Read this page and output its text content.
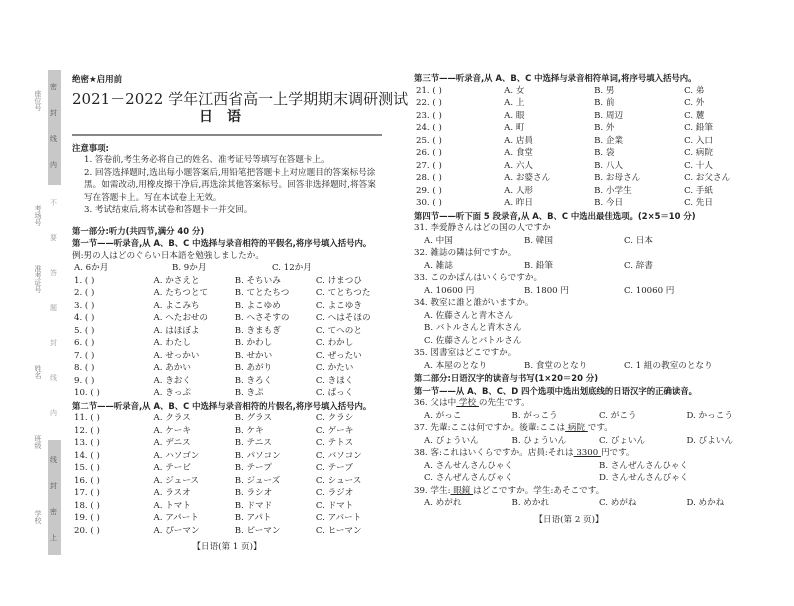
座位号
考场号
准考证号
姓名
班级
学校
密
封
线
内
不
要
答
题
封
线
内
线
封
密
上
绝密★启用前
2021－2022 学年江西省高一上学期期末调研测试
日语
注意事项:
1. 答卷前,考生务必将自己的姓名、准考证号等填写在答题卡上。
2. 回答选择题时,选出每小题答案后,用铅笔把答题卡上对应题目的答案标号涂黑。如需改动,用橡皮擦干净后,再选涂其他答案标号。回答非选择题时,将答案写在答题卡上。写在本试卷上无效。
3. 考试结束后,将本试卷和答题卡一并交回。
第一部分:听力(共四节,满分 40 分)
第一节——听录音,从 A、B、C 中选择与录音相符的平假名,将序号填入括号内。
例:男の人はどのぐらい日本語を勉強しましたか。
A. 6か月	B. 9か月	C. 12か月
1. ( )	A. かさえと	B. そちいみ	C. けまつひ
2. ( )	A. たちつとて	B. てとたちつ	C. てとちつた
3. ( )	A. よこみち	B. よこゆめ	C. よこゆき
4. ( )	A. へたおせの	B. へさそすの	C. へはそほの
5. ( )	A. はほぼよ	B. きまもぎ	C. てへのと
6. ( )	A. わたし	B. かわし	C. わかし
7. ( )	A. せっかい	B. せかい	C. ぜったい
8. ( )	A. あかい	B. あがり	C. かたい
9. ( )	A. きおく	B. きろく	C. きほく
10. ( )	A. きっぷ	B. きぷ	C. ぱっく
第二节——听录音,从 A、B、C 中选择与录音相符的片假名,将序号填入括号内。
11. ( )	A. クラス	B. グラス	C. クラシ
12. ( )	A. ケーキ	B. ケキ	C. ゲーキ
13. ( )	A. デニス	B. テニス	C. テトス
14. ( )	A. ハソゴン	B. パソコン	C. バソコン
15. ( )	A. テービ	B. テープ	C. テーブ
16. ( )	A. ジュース	B. ジューズ	C. シュース
17. ( )	A. ラスオ	B. ラシオ	C. ラジオ
18. ( )	A. トマト	B. ドマド	C. ドマト
19. ( )	A. アパート	B. アパト	C. アバート
20. ( )	A. ぴーマン	B. ピーマン	C. ヒーマン
【日语(第 1 页)】
第三节——听录音,从 A、B、C 中选择与录音相符单词,将序号填入括号内。
21. ( )	A. 女	B. 男	C. 弟
22. ( )	A. 上	B. 前	C. 外
23. ( )	A. 眼	B. 周辺	C. 麓
24. ( )	A. 町	B. 外	C. 鉛筆
25. ( )	A. 店員	B. 企業	C. 入口
26. ( )	A. 食堂	B. 袋	C. 病院
27. ( )	A. 六人	B. 八人	C. 十人
28. ( )	A. お婆さん	B. お母さん	C. お父さん
29. ( )	A. 人形	B. 小学生	C. 手紙
30. ( )	A. 昨日	B. 今日	C. 先日
第四节——听下面 5 段录音,从 A、B、C 中选出最佳选项。(2×5＝10 分)
31. 李爱静さんはどの国の人ですか
A. 中国	B. 韓国	C. 日本
32. 雑誌の隣は何ですか。
A. 雑誌	B. 鉛筆	C. 辞書
33. このかばんはいくらですか。
A. 10600 円	B. 1800 円	C. 10060 円
34. 教室に誰と誰がいますか。
A. 佐藤さんと青木さん
B. バトルさんと青木さん
C. 佐藤さんとバトルさん
35. 図書室はどこですか。
A. 本屋のとなり	B. 食堂のとなり	C. 1 組の教室のとなり
第二部分:日语汉字的读音与书写(1×20＝20 分)
第一节——从 A、B、C、D 四个选项中选出划底线的日语汉字的正确读音。
36. 父は中 学校 の先生です。
A. がっこ	B. がっこう	C. がこう	D. かっこう
37. 先輩:ここは何ですか。後輩:ここは 病院 です。
A. びょういん	B. ひょういん	C. びょいん	D. びよいん
38. 客:これはいくらですか。店員:それは 3300 円です。
A. さんせんさんひゃく	B. さんぜんさんひゃく
C. さんぜんさんびゃく	D. さんせんさんびゃく
39. 学生: 眼鏡 はどこですか。学生:あそこです。
A. めがれ	B. めかれ	C. めがね	D. めかね
【日语(第 2 页)】
